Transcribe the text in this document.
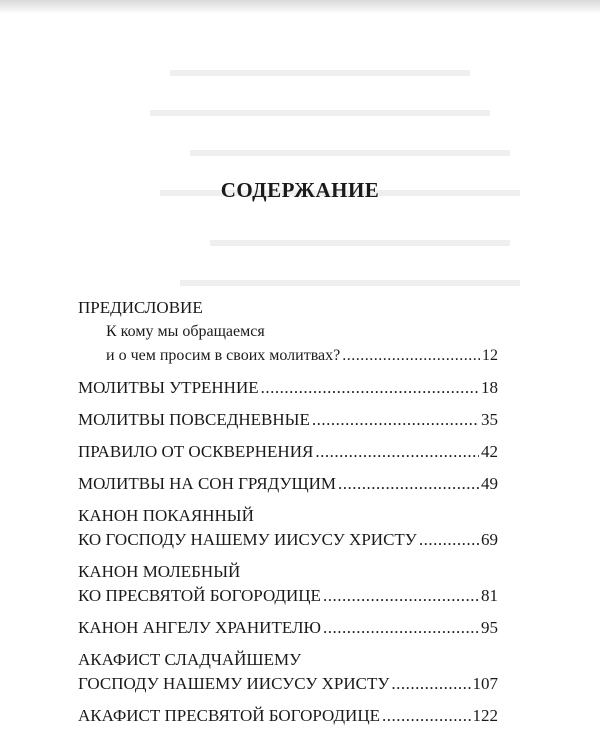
СОДЕРЖАНИЕ
ПРЕДИСЛОВИЕ
К кому мы обращаемся
и о чем просим в своих молитвах? .....	12
МОЛИТВЫ УТРЕННИЕ .....	18
МОЛИТВЫ ПОВСЕДНЕВНЫЕ .....	35
ПРАВИЛО ОТ ОСКВЕРНЕНИЯ .....	42
МОЛИТВЫ НА СОН ГРЯДУЩИМ .....	49
КАНОН ПОКАЯННЫЙ
КО ГОСПОДУ НАШЕМУ ИИСУСУ ХРИСТУ .....	69
КАНОН МОЛЕБНЫЙ
КО ПРЕСВЯТОЙ БОГОРОДИЦЕ .....	81
КАНОН АНГЕЛУ ХРАНИТЕЛЮ .....	95
АКАФИСТ СЛАДЧАЙШЕМУ
ГОСПОДУ НАШЕМУ ИИСУСУ ХРИСТУ .....	107
АКАФИСТ ПРЕСВЯТОЙ БОГОРОДИЦЕ .....	122
